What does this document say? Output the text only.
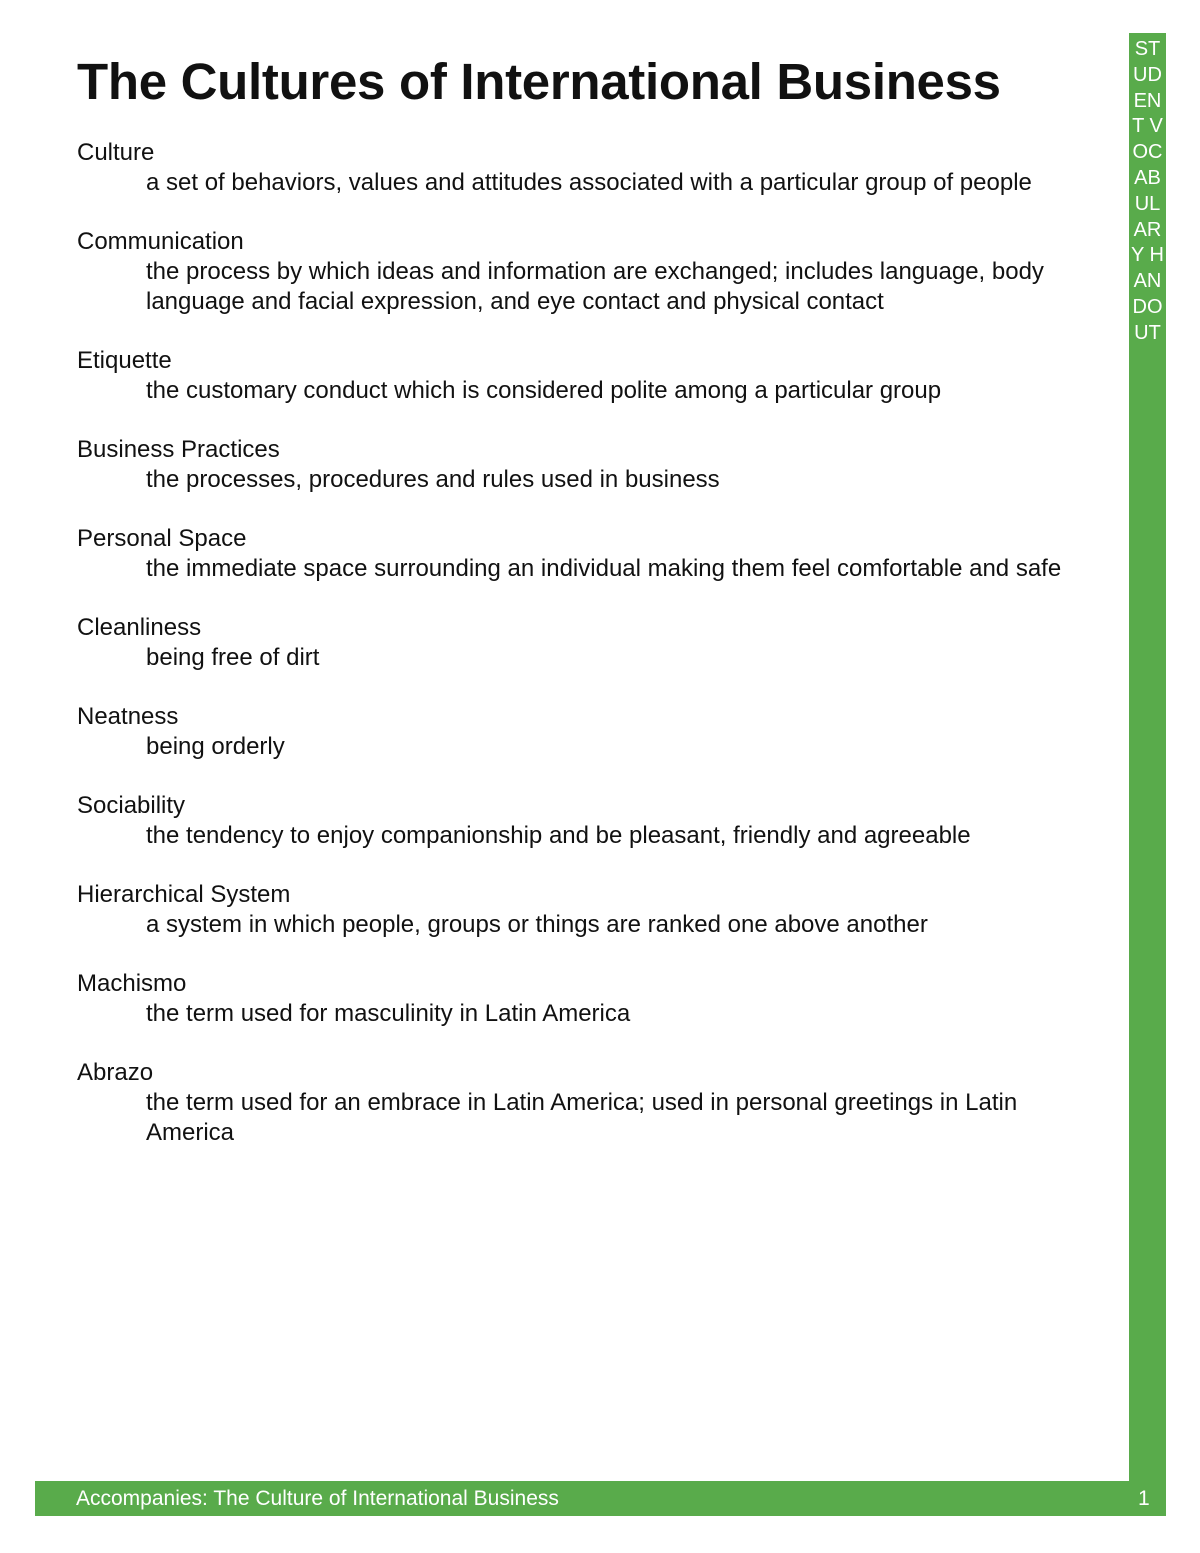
The Cultures of International Business
Culture
a set of behaviors, values and attitudes associated with a particular group of people
Communication
the process by which ideas and information are exchanged; includes language, body language and facial expression, and eye contact and physical contact
Etiquette
the customary conduct which is considered polite among a particular group
Business Practices
the processes, procedures and rules used in business
Personal Space
the immediate space surrounding an individual making them feel comfortable and safe
Cleanliness
being free of dirt
Neatness
being orderly
Sociability
the tendency to enjoy companionship and be pleasant, friendly and agreeable
Hierarchical System
a system in which people, groups or things are ranked one above another
Machismo
the term used for masculinity in Latin America
Abrazo
the term used for an embrace in Latin America; used in personal greetings in Latin America
STUDENT VOCABULARY HANDOUT
Accompanies: The Culture of International Business	1
